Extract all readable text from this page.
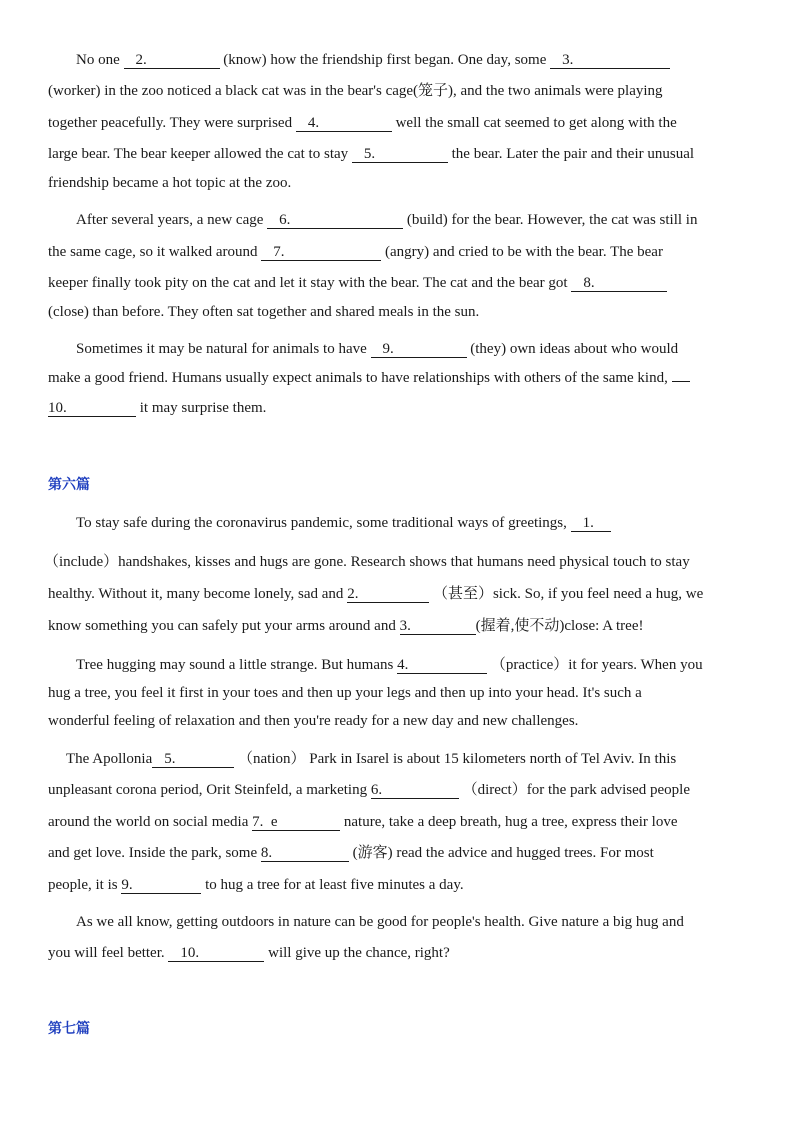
No one 2.	(know) how the friendship first began. One day, some 3.
(worker) in the zoo noticed a black cat was in the bear's cage(笼子), and the two animals were playing
together peacefully. They were surprised 4.	well the small cat seemed to get along with the
large bear. The bear keeper allowed the cat to stay 5.	the bear. Later the pair and their unusual
friendship became a hot topic at the zoo.
After several years, a new cage 6.	(build) for the bear. However, the cat was still in
the same cage, so it walked around 7.	(angry) and cried to be with the bear. The bear
keeper finally took pity on the cat and let it stay with the bear. The cat and the bear got 8.
(close) than before. They often sat together and shared meals in the sun.
Sometimes it may be natural for animals to have 9.	(they) own ideas about who would
make a good friend. Humans usually expect animals to have relationships with others of the same kind,
10.	it may surprise them.
第六篇
To stay safe during the coronavirus pandemic, some traditional ways of greetings, 1.
（include）handshakes, kisses and hugs are gone. Research shows that humans need physical touch to stay
healthy. Without it, many become lonely, sad and 2.	（甚至）sick. So, if you feel need a hug, we
know something you can safely put your arms around and 3.	(握着,使不动)close: A tree!
Tree hugging may sound a little strange. But humans 4.	（practice）it for years. When you
hug a tree, you feel it first in your toes and then up your legs and then up into your head. It's such a
wonderful feeling of relaxation and then you're ready for a new day and new challenges.
The Apollonia 5.	（nation） Park in Isarel is about 15 kilometers north of Tel Aviv. In this
unpleasant corona period, Orit Steinfeld, a marketing 6.	（direct）for the park advised people
around the world on social media 7.  e	nature, take a deep breath, hug a tree, express their love
and get love. Inside the park, some 8.	(游客) read the advice and hugged trees. For most
people, it is 9.	to hug a tree for at least five minutes a day.
As we all know, getting outdoors in nature can be good for people's health. Give nature a big hug and
you will feel better. 10.	will give up the chance, right?
第七篇
